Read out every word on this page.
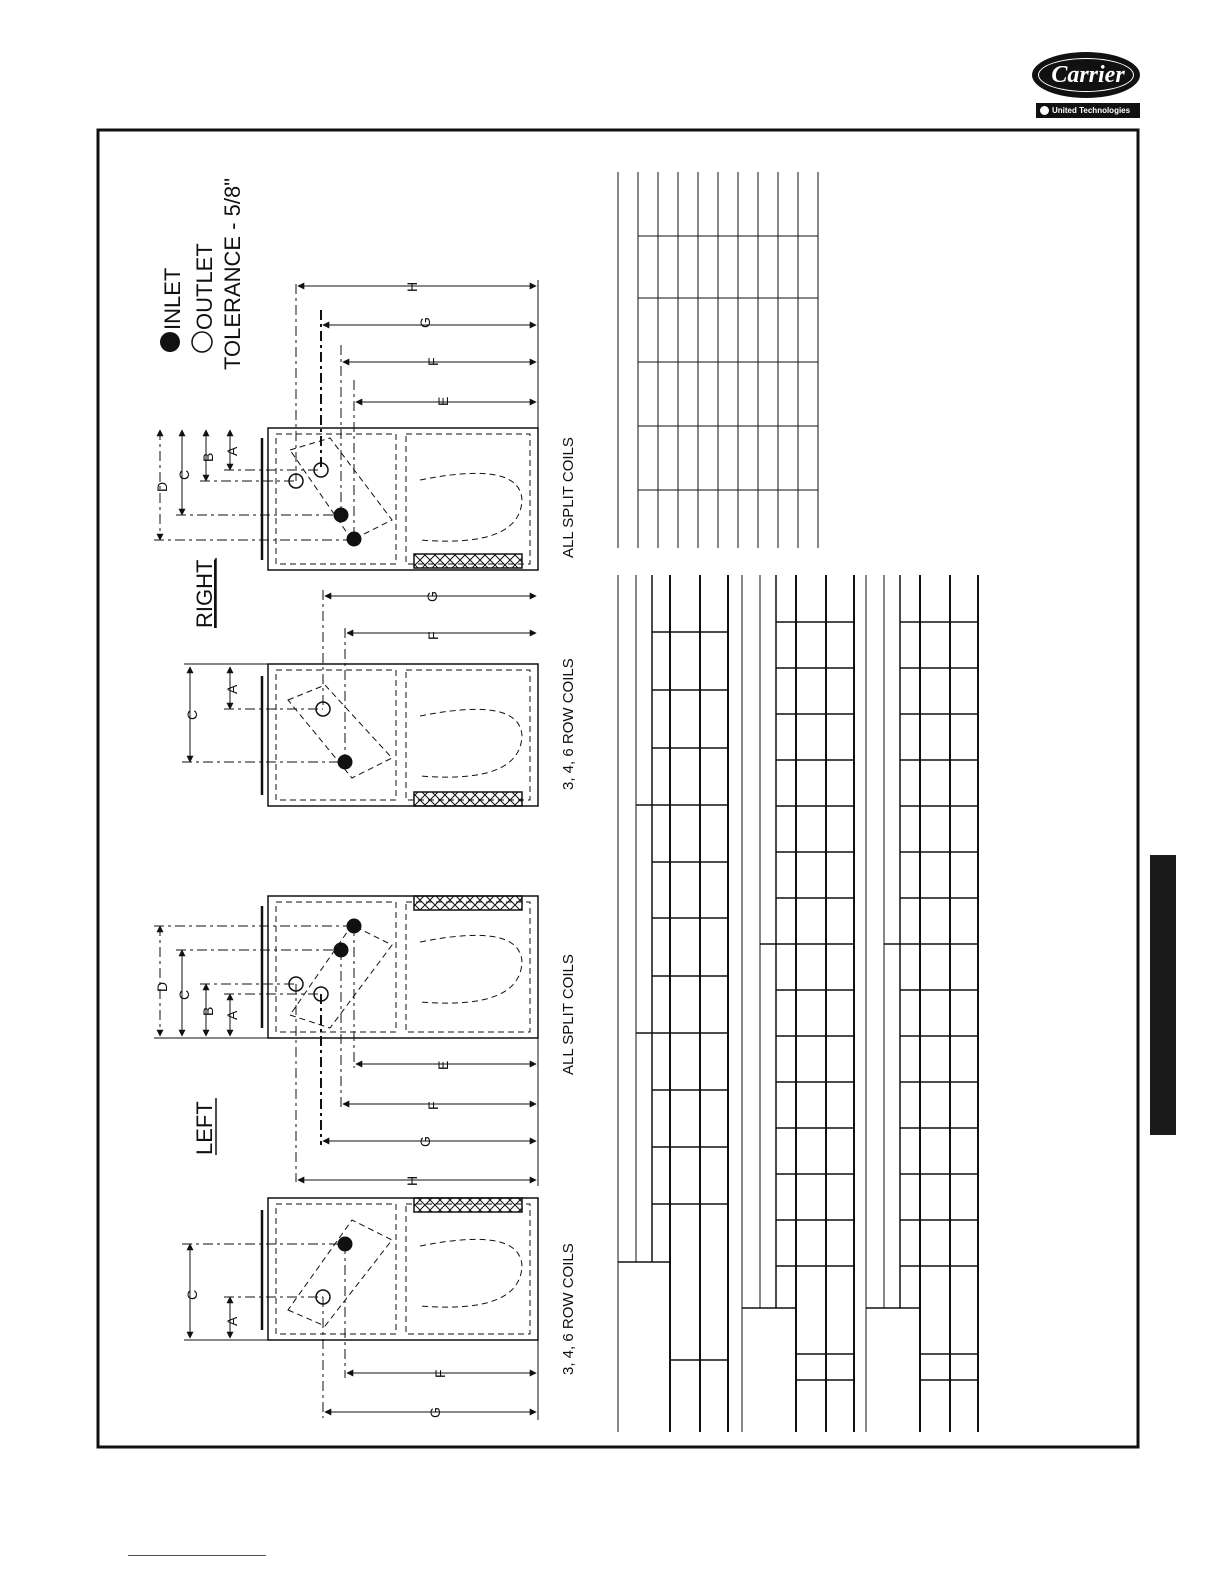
Carrier
United Technologies
INLET OUTLET TOLERANCE - 5/8"
RIGHT
LEFT
3, 4, 6 ROW COILS
ALL SPLIT COILS
ALL SPLIT COILS
3, 4, 6 ROW COILS
D
C
B
A
H
G
F
E
C
A
G
F
D
C
B A
H
G
F
E
C
A
G
F
